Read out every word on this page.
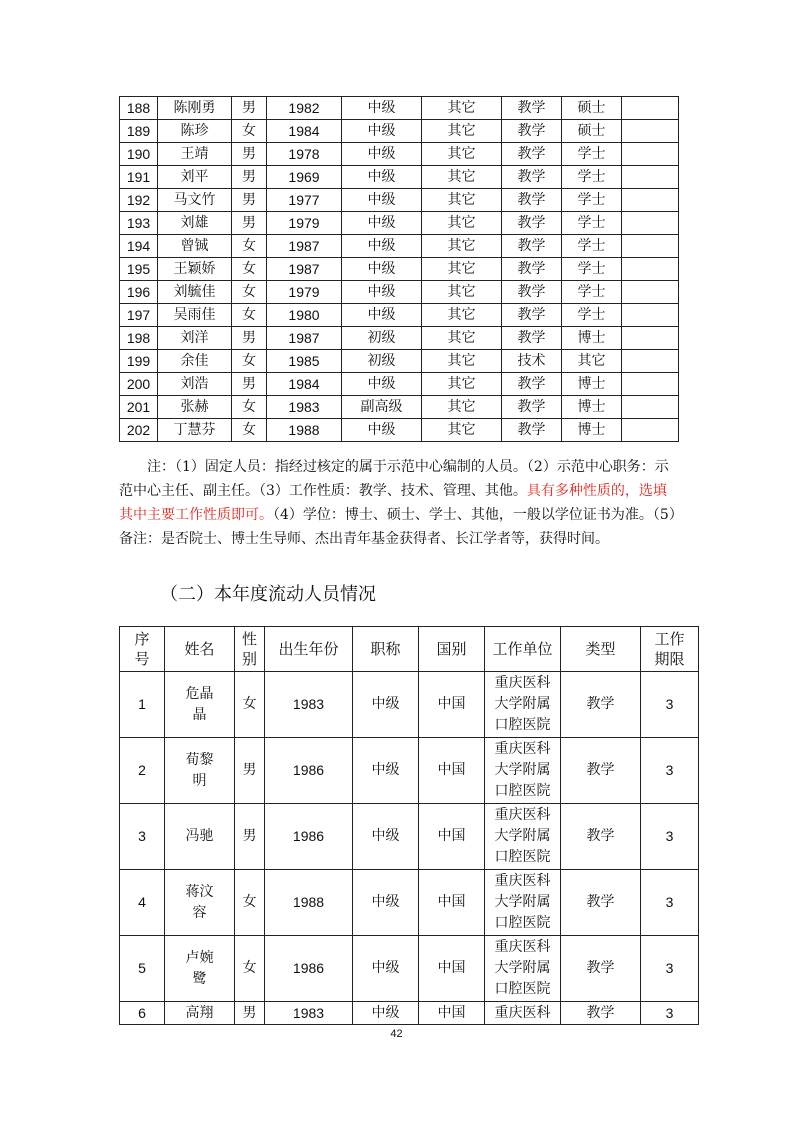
188	陈刚勇	男	1982	中级	其它	教学	硕士	
189	陈珍	女	1984	中级	其它	教学	硕士	
190	王靖	男	1978	中级	其它	教学	学士	
191	刘平	男	1969	中级	其它	教学	学士	
192	马文竹	男	1977	中级	其它	教学	学士	
193	刘雄	男	1979	中级	其它	教学	学士	
194	曾铖	女	1987	中级	其它	教学	学士	
195	王颖娇	女	1987	中级	其它	教学	学士	
196	刘毓佳	女	1979	中级	其它	教学	学士	
197	吴雨佳	女	1980	中级	其它	教学	学士	
198	刘洋	男	1987	初级	其它	教学	博士	
199	余佳	女	1985	初级	其它	技术	其它	
200	刘浩	男	1984	中级	其它	教学	博士	
201	张赫	女	1983	副高级	其它	教学	博士	
202	丁慧芬	女	1988	中级	其它	教学	博士	

注：（1）固定人员：指经过核定的属于示范中心编制的人员。（2）示范中心职务：示范中心主任、副主任。（3）工作性质：教学、技术、管理、其他。具有多种性质的，选填其中主要工作性质即可。（4）学位：博士、硕士、学士、其他，一般以学位证书为准。（5）备注：是否院士、博士生导师、杰出青年基金获得者、长江学者等，获得时间。

（二）本年度流动人员情况
序
号	姓名	性
别	出生年份	职称	国别	工作单位	类型	工作
期限
1	危晶
晶	女	1983	中级	中国	重庆医科
大学附属
口腔医院	教学	3
2	荀黎
明	男	1986	中级	中国	重庆医科
大学附属
口腔医院	教学	3
3	冯驰	男	1986	中级	中国	重庆医科
大学附属
口腔医院	教学	3
4	蒋汶
容	女	1988	中级	中国	重庆医科
大学附属
口腔医院	教学	3
5	卢婉
鹭	女	1986	中级	中国	重庆医科
大学附属
口腔医院	教学	3
6	高翔	男	1983	中级	中国	重庆医科	教学	3
42
